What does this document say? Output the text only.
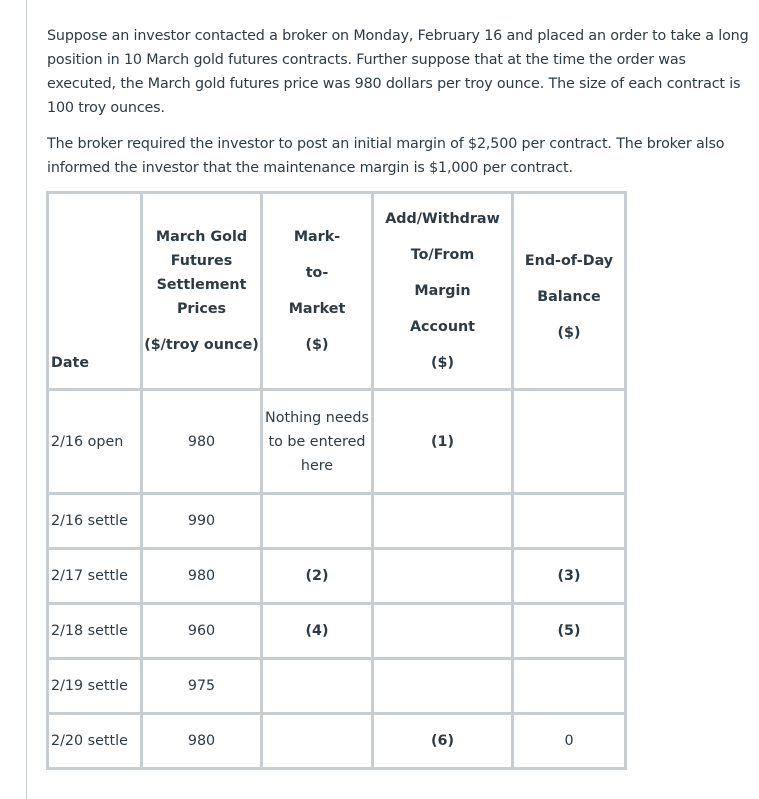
Suppose an investor contacted a broker on Monday, February 16 and placed an order to take a long
position in 10 March gold futures contracts. Further suppose that at the time the order was
executed, the March gold futures price was 980 dollars per troy ounce. The size of each contract is
100 troy ounces.

The broker required the investor to post an initial margin of $2,500 per contract. The broker also
informed the investor that the maintenance margin is $1,000 per contract.

Date	March Gold
Futures
Settlement
Prices
($/troy ounce)	Mark-
to-
Market
($)	Add/Withdraw
To/From
Margin
Account
($)	End-of-Day
Balance
($)

2/16 open	980	Nothing needs
to be entered
here	(1)	
2/16 settle	990			
2/17 settle	980	(2)		(3)
2/18 settle	960	(4)		(5)
2/19 settle	975			
2/20 settle	980		(6)	0
